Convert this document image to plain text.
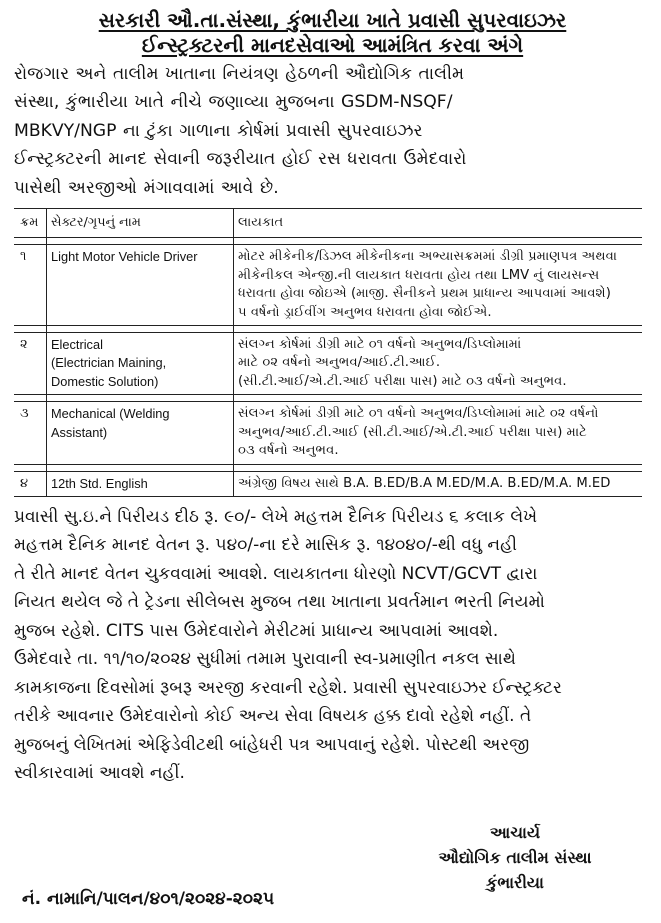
સરકારી ઔ.તા.સંસ્થા, કુંભારીયા ખાતે પ્રવાસી સુપરવાઇઝર
ઈન્સ્ટ્રક્ટરની માનદસેવાઓ આમંત્રિત કરવા અંગે
રોજગાર અને તાલીમ ખાતાના નિયંત્રણ હેઠળની ઔદ્યોગિક તાલીમ
સંસ્થા, કુંભારીયા ખાતે નીચે જણાવ્યા મુજબના GSDM-NSQF/
MBKVY/NGP ના ટુંકા ગાળાના કોર્ષમાં પ્રવાસી સુપરવાઇઝર
ઈન્સ્ટ્રક્ટરની માનદ સેવાની જરૂરીયાત હોઈ રસ ધરાવતા ઉમેદવારો
પાસેથી અરજીઓ મંગાવવામાં આવે છે.
ક્રમ	સેક્ટર/ગૃપનું નામ	લાયકાત

૧	Light Motor Vehicle Driver	મોટર મીકેનીક/ડિઝલ મીકેનીકના અભ્યાસક્રમમાં ડીગ્રી પ્રમાણપત્ર અથવા
મીકેનીકલ એન્જી.ની લાયકાત ધરાવતા હોય તથા LMV નું લાયસન્સ
ધરાવતા હોવા જોઇએ (માજી. સૈનીકને પ્રથમ પ્રાધાન્ય આપવામાં આવશે)
૫ વર્ષનો ડ્રાઈવીંગ અનુભવ ધરાવતા હોવા જોઈએ.

૨	Electrical
(Electrician Maining,
Domestic Solution)	સંલગ્ન કોર્ષમાં ડીગ્રી માટે ૦૧ વર્ષનો અનુભવ/ડિપ્લોમામાં
માટે ૦૨ વર્ષનો અનુભવ/આઈ.ટી.આઈ.
(સી.ટી.આઈ/એ.ટી.આઈ પરીક્ષા પાસ) માટે ૦૩ વર્ષનો અનુભવ.

૩	Mechanical (Welding
Assistant)	સંલગ્ન કોર્ષમાં ડીગ્રી માટે ૦૧ વર્ષનો અનુભવ/ડિપ્લોમામાં માટે ૦૨ વર્ષનો
અનુભવ/આઈ.ટી.આઈ (સી.ટી.આઈ/એ.ટી.આઈ પરીક્ષા પાસ) માટે
૦૩ વર્ષનો અનુભવ.

૪	12th Std. English	અંગ્રેજી વિષય સાથે B.A. B.ED/B.A M.ED/M.A. B.ED/M.A. M.ED
પ્રવાસી સુ.ઇ.ને પિરીયડ દીઠ રૂ. ૯૦/- લેખે મહત્તમ દૈનિક પિરીયડ ૬ કલાક લેખે
મહત્તમ દૈનિક માનદ વેતન રૂ. ૫૪૦/-ના દરે માસિક રૂ. ૧૪૦૪૦/-થી વધુ નહી
તે રીતે માનદ વેતન ચુકવવામાં આવશે. લાયકાતના ધોરણો NCVT/GCVT દ્વારા
નિયત થયેલ જે તે ટ્રેડના સીલેબસ મુજબ તથા ખાતાના પ્રવર્તમાન ભરતી નિયમો
મુજબ રહેશે. CITS પાસ ઉમેદવારોને મેરીટમાં પ્રાધાન્ય આપવામાં આવશે.
ઉમેદવારે તા. ૧૧/૧૦/૨૦૨૪ સુધીમાં તમામ પુરાવાની સ્વ-પ્રમાણીત નકલ સાથે
કામકાજના દિવસોમાં રૂબરૂ અરજી કરવાની રહેશે. પ્રવાસી સુપરવાઇઝર ઈન્સ્ટ્રક્ટર
તરીકે આવનાર ઉમેદવારોનો કોઈ અન્ય સેવા વિષયક હક્ક દાવો રહેશે નહીં. તે
મુજબનું લેખિતમાં એફિડેવીટથી બાંહેધરી પત્ર આપવાનું રહેશે. પોસ્ટથી અરજી
સ્વીકારવામાં આવશે નહીં.
આચાર્ય
ઔદ્યોગિક તાલીમ સંસ્થા
કુંભારીયા
નં. નામાનિ/પાલન/૪૦૧/૨૦૨૪-૨૦૨૫
